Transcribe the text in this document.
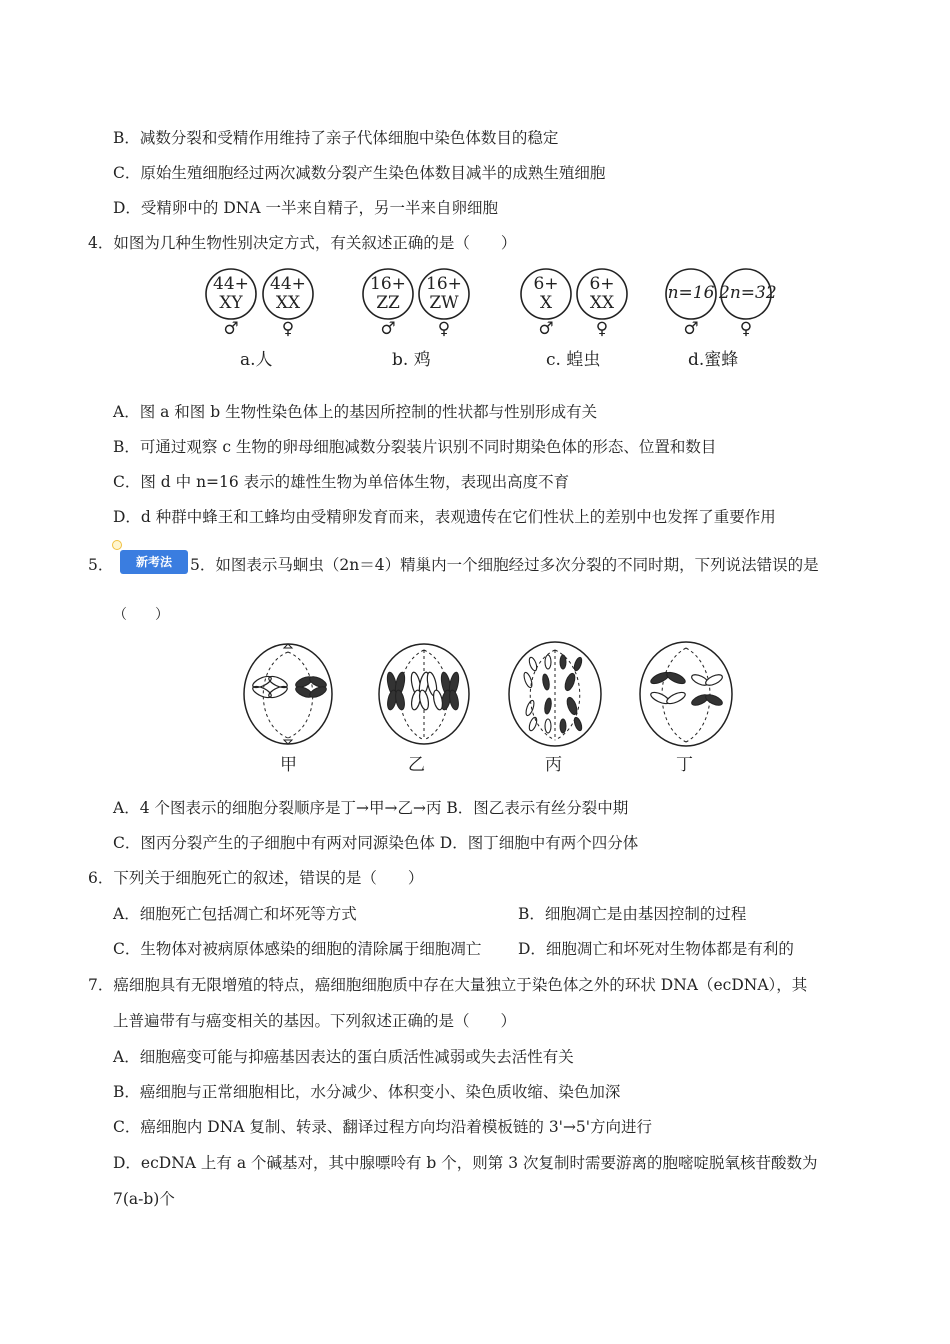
B．减数分裂和受精作用维持了亲子代体细胞中染色体数目的稳定
C．原始生殖细胞经过两次减数分裂产生染色体数目减半的成熟生殖细胞
D．受精卵中的 DNA 一半来自精子，另一半来自卵细胞
4．如图为几种生物性别决定方式，有关叙述正确的是（　　）
44+
XY
44+
XX
16+
ZZ
16+
ZW
6+
X
6+
XX	n=16 2n=32
♂	♀	♂ ♀	♂ ♀	♂ ♀
a.人	b. 鸡	c. 蝗虫	d.蜜蜂
A．图 a 和图 b 生物性染色体上的基因所控制的性状都与性别形成有关
B．可通过观察 c 生物的卵母细胞减数分裂装片识别不同时期染色体的形态、位置和数目
C．图 d 中 n=16 表示的雄性生物为单倍体生物，表现出高度不育
D．d 种群中蜂王和工蜂均由受精卵发育而来，表观遗传在它们性状上的差别中也发挥了重要作用
5．	新考法	5．如图表示马蛔虫（2n＝4）精巢内一个细胞经过多次分裂的不同时期，下列说法错误的是
（　　）
甲	乙	丙	丁
A．4 个图表示的细胞分裂顺序是丁→甲→乙→丙 B．图乙表示有丝分裂中期
C．图丙分裂产生的子细胞中有两对同源染色体 D．图丁细胞中有两个四分体
6．下列关于细胞死亡的叙述，错误的是（　　）
A．细胞死亡包括凋亡和坏死等方式	B．细胞凋亡是由基因控制的过程
C．生物体对被病原体感染的细胞的清除属于细胞凋亡 D．细胞凋亡和坏死对生物体都是有利的
7．癌细胞具有无限增殖的特点，癌细胞细胞质中存在大量独立于染色体之外的环状 DNA（ecDNA），其
上普遍带有与癌变相关的基因。下列叙述正确的是（　　）
A．细胞癌变可能与抑癌基因表达的蛋白质活性减弱或失去活性有关
B．癌细胞与正常细胞相比，水分减少、体积变小、染色质收缩、染色加深
C．癌细胞内 DNA 复制、转录、翻译过程方向均沿着模板链的 3'→5'方向进行
D．ecDNA 上有 a 个碱基对，其中腺嘌呤有 b 个，则第 3 次复制时需要游离的胞嘧啶脱氧核苷酸数为
7(a-b)个
